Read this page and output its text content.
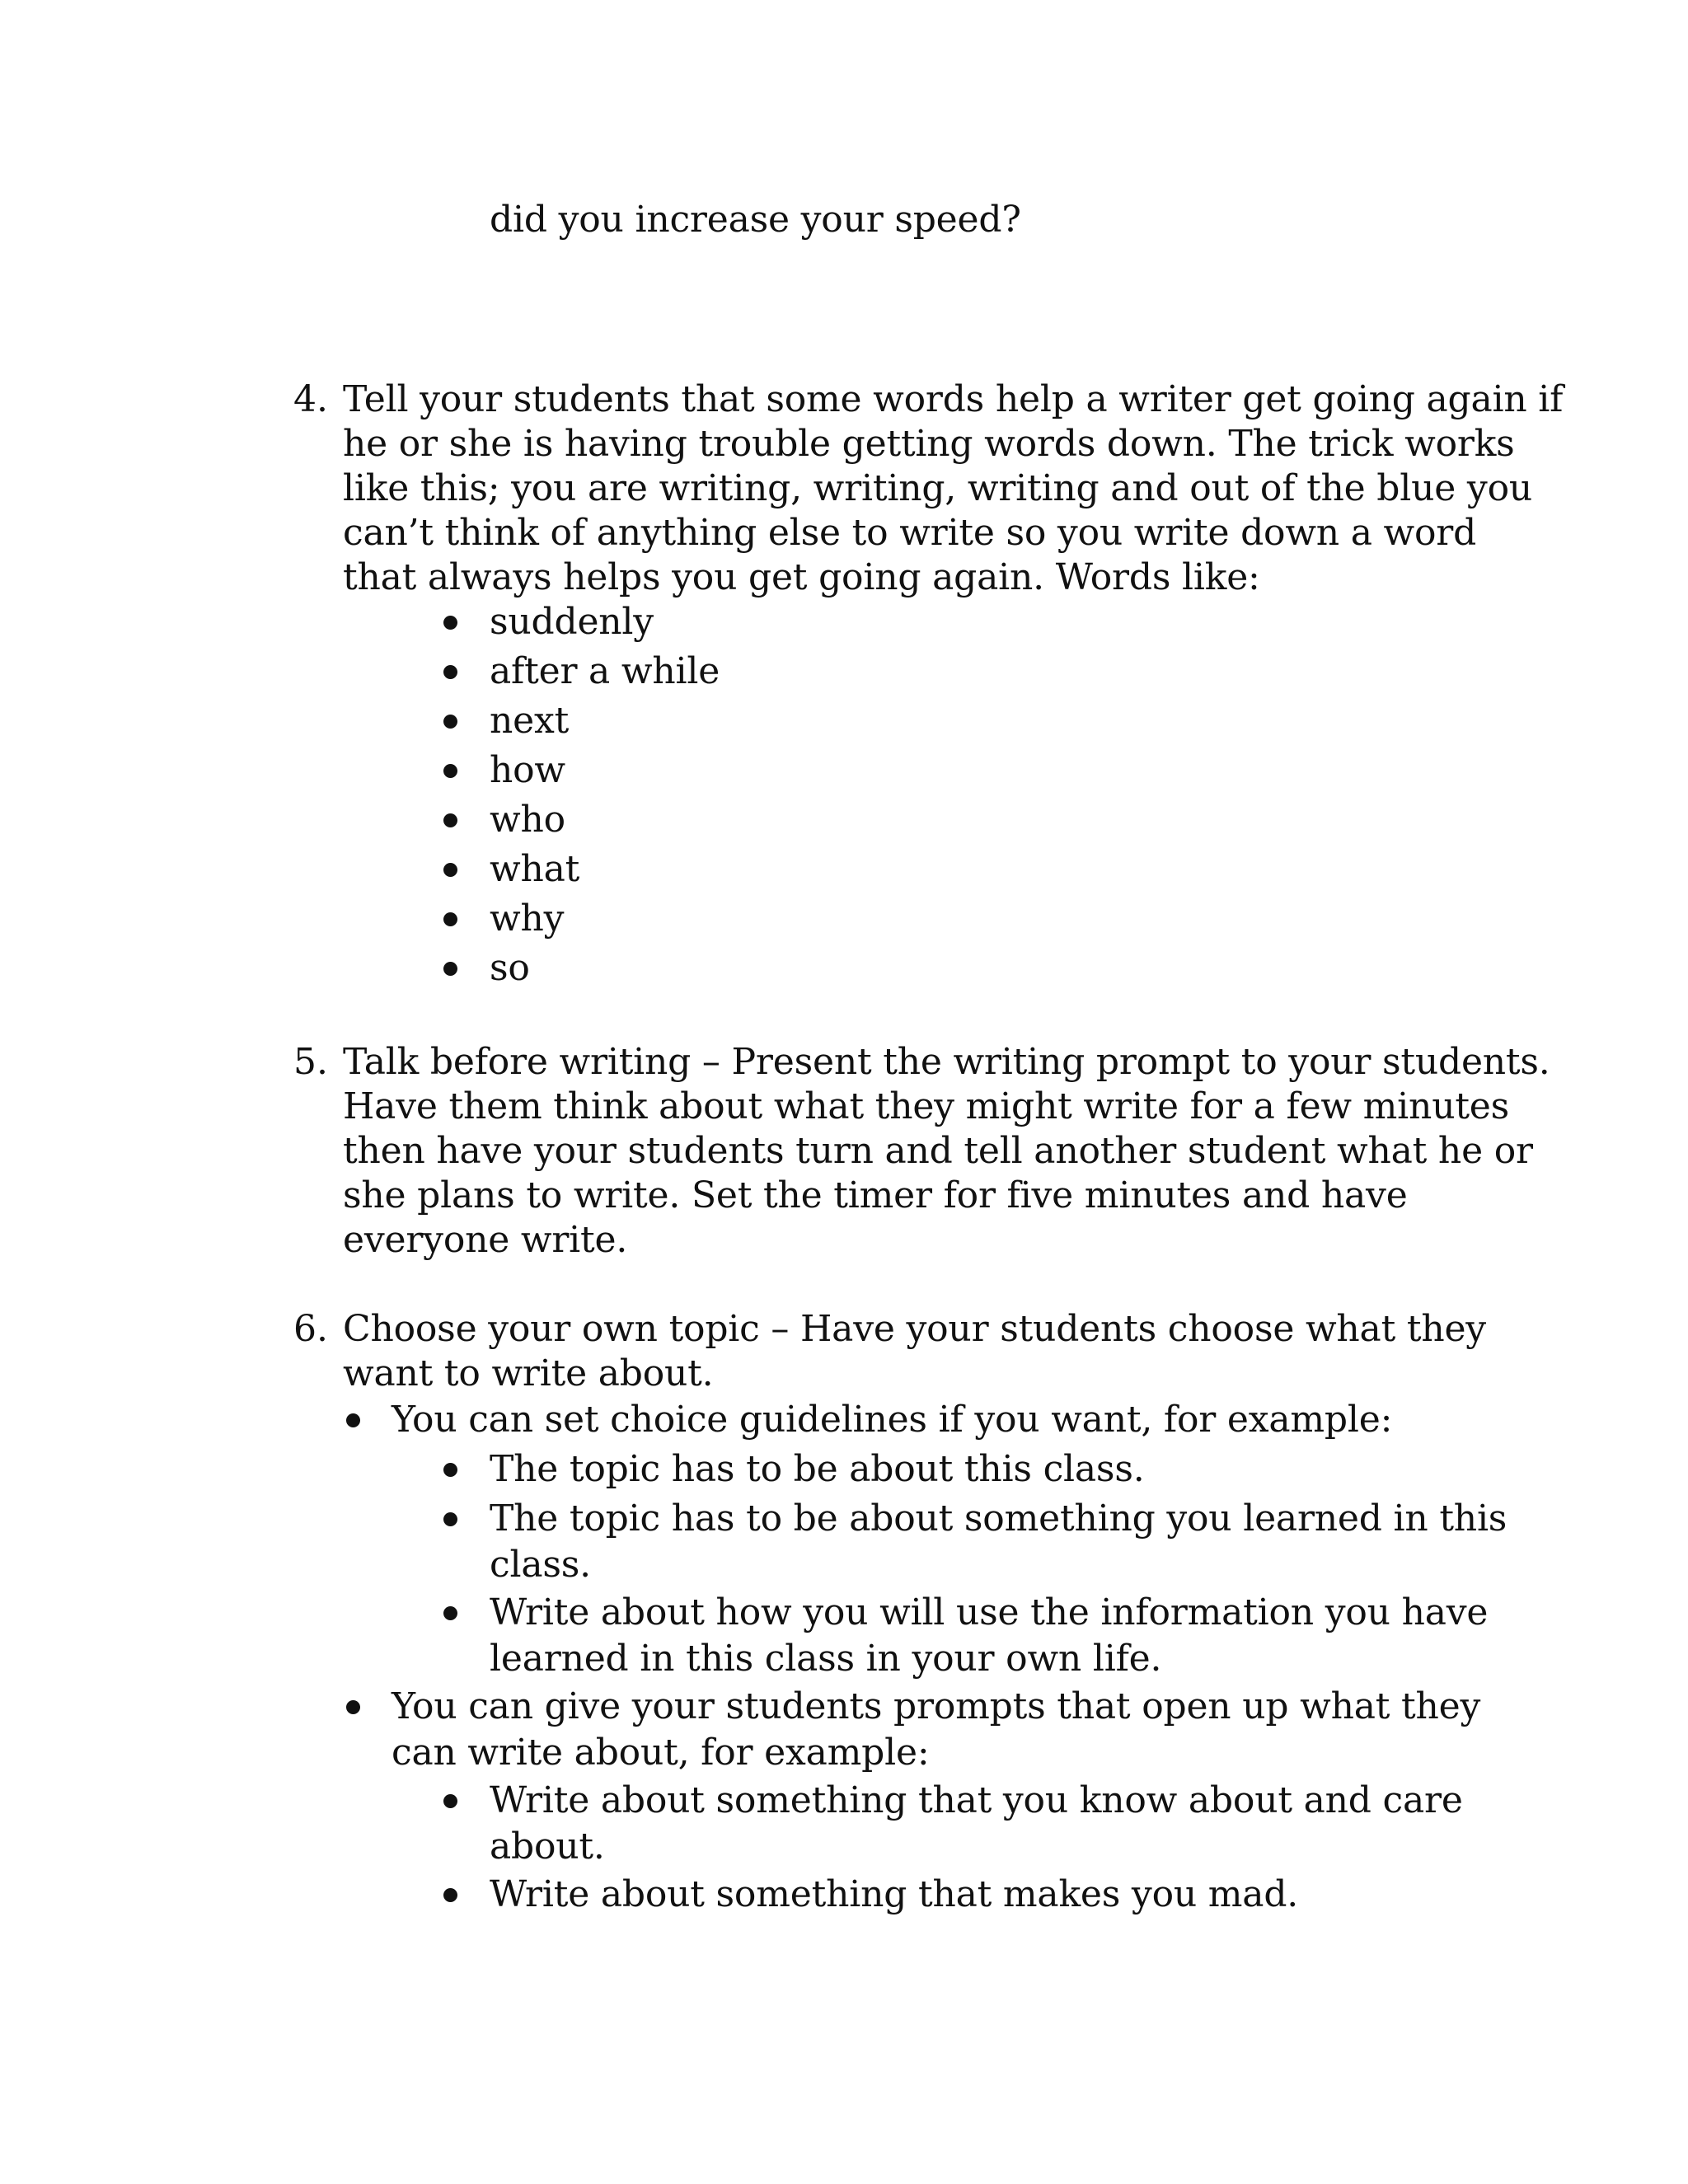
did you increase your speed?
4. Tell your students that some words help a writer get going again if
he or she is having trouble getting words down. The trick works
like this; you are writing, writing, writing and out of the blue you
can’t think of anything else to write so you write down a word
that always helps you get going again. Words like:
suddenly
after a while
next
how
who
what
why
so
5. Talk before writing – Present the writing prompt to your students.
Have them think about what they might write for a few minutes
then have your students turn and tell another student what he or
she plans to write. Set the timer for five minutes and have
everyone write.
6. Choose your own topic – Have your students choose what they
want to write about.
You can set choice guidelines if you want, for example:
The topic has to be about this class.
The topic has to be about something you learned in this
class.
Write about how you will use the information you have
learned in this class in your own life.
You can give your students prompts that open up what they
can write about, for example:
Write about something that you know about and care
about.
Write about something that makes you mad.
